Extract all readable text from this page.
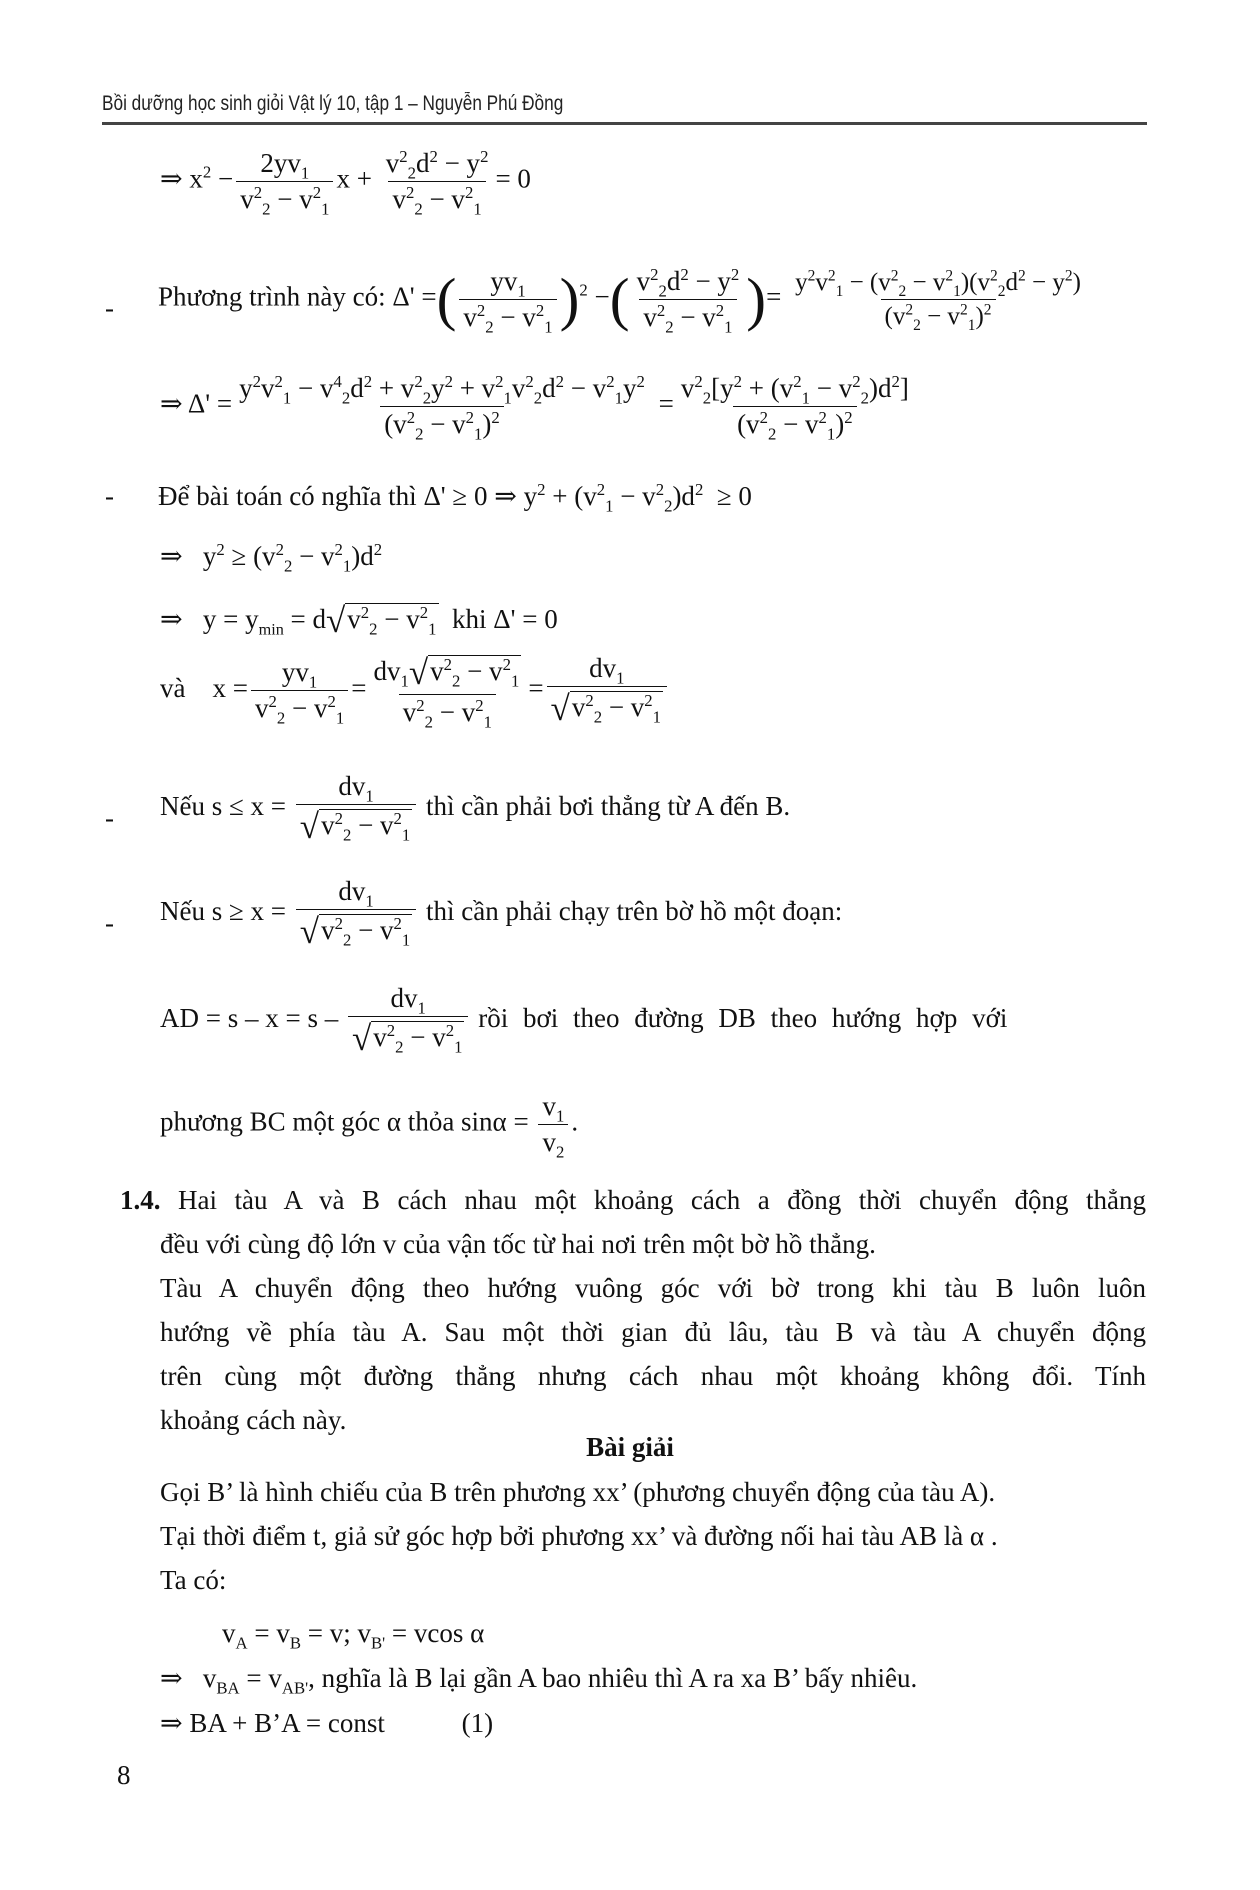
Bồi dưỡng học sinh giỏi Vật lý 10, tập 1 – Nguyễn Phú Đồng
⇒ $x^2 - \frac{2yv_1}{v^2_2 - v^2_1}$ $x + \frac{v^2_2d^2 - y^2}{v^2_2 - v^2_1} = 0$
- Phương trình này có: Δ' =( $\frac{yv_1}{v^2_2 - v^2_1} )^2$ −( $\frac{v^2_2d^2 - y^2}{v^2_2 - v^2_1}$ )= $\frac{y^2v^2_1 - (v^2_2 - v^2_1)(v^2_2d^2 - y^2)}{(v^2_2 - v^2_1)^2}$
⇒ $\Delta' = \frac{y^2v^2_1 - v^4_2d^2 + v^2_2y^2 + v^2_1v^2_2d^2 - v^2_1y^2}{(v^2_2 - v^2_1)^2} = \frac{v^2_2[y^2 + (v^2_1 - v^2_2)d^2]}{(v^2_2 - v^2_1)^2}$
- Để bài toán có nghĩa thì Δ' ≥ 0 ⇒ $y^2 + (v^2_1 - v^2_2)d^2 \ge 0$
⇒   $y^2 \ge (v^2_2 - v^2_1)d^2$
⇒   $y = y_{min} = d√v^2_2 - v^2_1$ khi Δ' = 0
và    $x = \frac{yv_1}{v^2_2 - v^2_1} = \frac{dv_1√v^2_2 - v^2_1}{v^2_2 - v^2_1} = \frac{dv_1}{√v^2_2 - v^2_1}$
- Nếu $s \le x = \frac{dv_1}{√v^2_2 - v^2_1}$ thì cần phải bơi thẳng từ A đến B.
- Nếu $s \ge x = \frac{dv_1}{√v^2_2 - v^2_1}$ thì cần phải chạy trên bờ hồ một đoạn:
AD = $s - x = s - \frac{dv_1}{√v^2_2 - v^2_1}$ rồi bơi theo đường DB theo hướng hợp với
phương BC một góc α thỏa $\sin\alpha = \frac{v_1}{v_2}$ .
1.4. Hai tàu A và B cách nhau một khoảng cách a đồng thời chuyển động thẳng
đều với cùng độ lớn v của vận tốc từ hai nơi trên một bờ hồ thẳng.
Tàu A chuyển động theo hướng vuông góc với bờ trong khi tàu B luôn luôn
hướng về phía tàu A. Sau một thời gian đủ lâu, tàu B và tàu A chuyển động
trên cùng một đường thẳng nhưng cách nhau một khoảng không đổi. Tính
khoảng cách này.
Bài giải
Gọi B’ là hình chiếu của B trên phương xx’ (phương chuyển động của tàu A).
Tại thời điểm t, giả sử góc hợp bởi phương xx’ và đường nối hai tàu AB là α .
Ta có:
$v_A = v_B = v$; $v_{B'} = vcos$ α
⇒   $v_{BA} = v_{AB'}$, nghĩa là B lại gần A bao nhiêu thì A ra xa B’ bấy nhiêu.
⇒ BA + B’A = const	(1)
8
